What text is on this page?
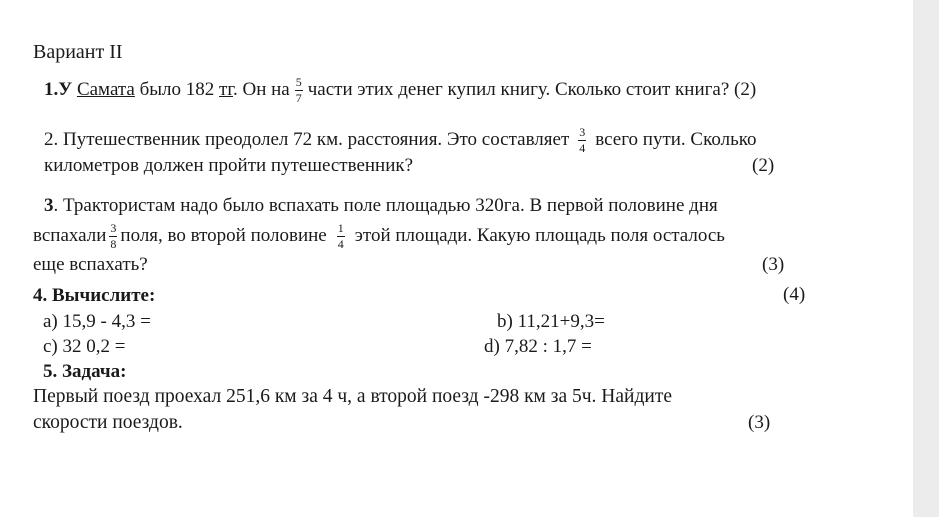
Вариант II
1.У Самата было 182 тг. Он на $\frac{5}{7}$ части этих денег купил книгу. Сколько стоит книга? (2)
2. Путешественник преодолел 72 км. расстояния. Это составляет $\frac{3}{4}$ всего пути. Сколько
километров должен пройти путешественник?	(2)
3. Трактористам надо было вспахать поле площадью 320га. В первой половине дня
вспахали $\frac{3}{8}$ поля, во второй половине $\frac{1}{4}$ этой площади. Какую площадь поля осталось
еще вспахать?	(3)
4. Вычислите:	(4)
a) 15,9 - 4,3 =	b) 11,21+9,3=
c) 32 0,2 =	d) 7,82 : 1,7 =
5. Задача:
Первый поезд проехал 251,6 км за 4 ч, а второй поезд -298 км за 5ч. Найдите
скорости поездов.	(3)
